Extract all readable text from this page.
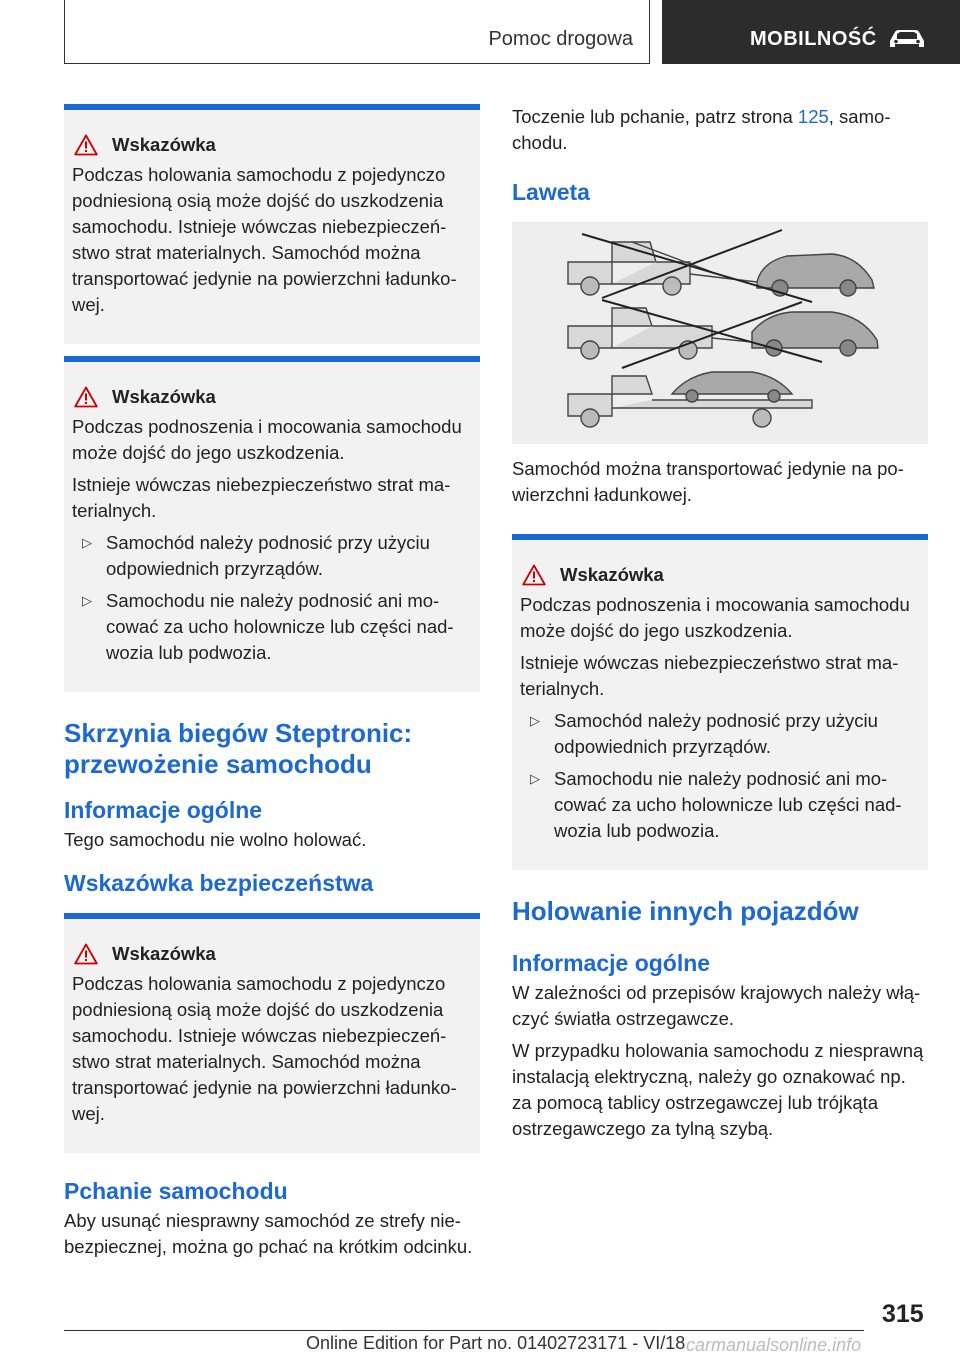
Pomoc drogowa	MOBILNOŚĆ
Wskazówka

Podczas holowania samochodu z pojedynczo podniesioną osią może dojść do uszkodzenia samochodu. Istnieje wówczas niebezpieczeństwo strat materialnych. Samochód można transportować jedynie na powierzchni ładunkowej.

Wskazówka

Podczas podnoszenia i mocowania samochodu może dojść do jego uszkodzenia.

Istnieje wówczas niebezpieczeństwo strat materialnych.

▷ Samochód należy podnosić przy użyciu odpowiednich przyrządów.
▷ Samochodu nie należy podnosić ani mocować za ucho holownicze lub części nadwozia lub podwozia.
Skrzynia biegów Steptronic: przewożenie samochodu
Informacje ogólne
Tego samochodu nie wolno holować.
Wskazówka bezpieczeństwa
Wskazówka

Podczas holowania samochodu z pojedynczo podniesioną osią może dojść do uszkodzenia samochodu. Istnieje wówczas niebezpieczeństwo strat materialnych. Samochód można transportować jedynie na powierzchni ładunkowej.

Pchanie samochodu
Aby usunąć niesprawny samochód ze strefy niebezpiecznej, można go pchać na krótkim odcinku.
Toczenie lub pchanie, patrz strona 125, samochodu.
Laweta
Samochód można transportować jedynie na powierzchni ładunkowej.
Wskazówka

Podczas podnoszenia i mocowania samochodu może dojść do jego uszkodzenia.

Istnieje wówczas niebezpieczeństwo strat materialnych.

▷ Samochód należy podnosić przy użyciu odpowiednich przyrządów.
▷ Samochodu nie należy podnosić ani mocować za ucho holownicze lub części nadwozia lub podwozia.
Holowanie innych pojazdów
Informacje ogólne
W zależności od przepisów krajowych należy włączyć światła ostrzegawcze.
W przypadku holowania samochodu z niesprawną instalacją elektryczną, należy go oznakować np. za pomocą tablicy ostrzegawczej lub trójkąta ostrzegawczego za tylną szybą.
315
Online Edition for Part no. 01402723171 - VI/18 carmanualsonline.info
